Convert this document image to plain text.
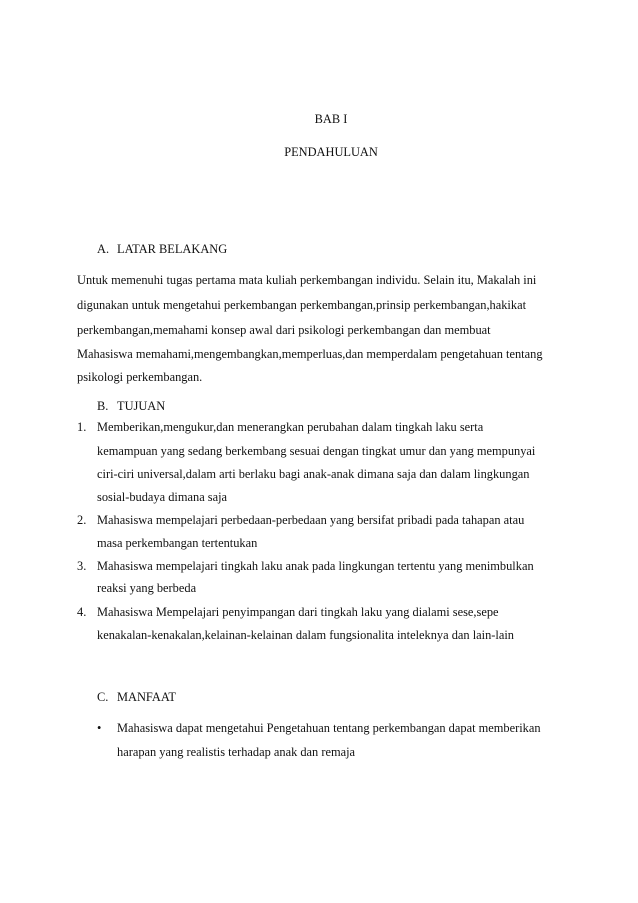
BAB I
PENDAHULUAN
A. LATAR BELAKANG
Untuk memenuhi tugas pertama mata kuliah perkembangan individu. Selain itu, Makalah ini
digunakan untuk mengetahui perkembangan perkembangan,prinsip perkembangan,hakikat
perkembangan,memahami konsep awal dari psikologi perkembangan dan membuat
Mahasiswa memahami,mengembangkan,memperluas,dan memperdalam pengetahuan tentang
psikologi perkembangan.
B. TUJUAN
1. Memberikan,mengukur,dan menerangkan perubahan dalam tingkah laku serta
kemampuan yang sedang berkembang sesuai dengan tingkat umur dan yang mempunyai
ciri-ciri universal,dalam arti berlaku bagi anak-anak dimana saja dan dalam lingkungan
sosial-budaya dimana saja
2. Mahasiswa mempelajari perbedaan-perbedaan yang bersifat pribadi pada tahapan atau
masa perkembangan tertentukan
3. Mahasiswa mempelajari tingkah laku anak pada lingkungan tertentu yang menimbulkan
reaksi yang berbeda
4. Mahasiswa Mempelajari penyimpangan dari tingkah laku yang dialami sese,sepe
kenakalan-kenakalan,kelainan-kelainan dalam fungsionalita inteleknya dan lain-lain
C. MANFAAT
• Mahasiswa dapat mengetahui Pengetahuan tentang perkembangan dapat memberikan
harapan yang realistis terhadap anak dan remaja
